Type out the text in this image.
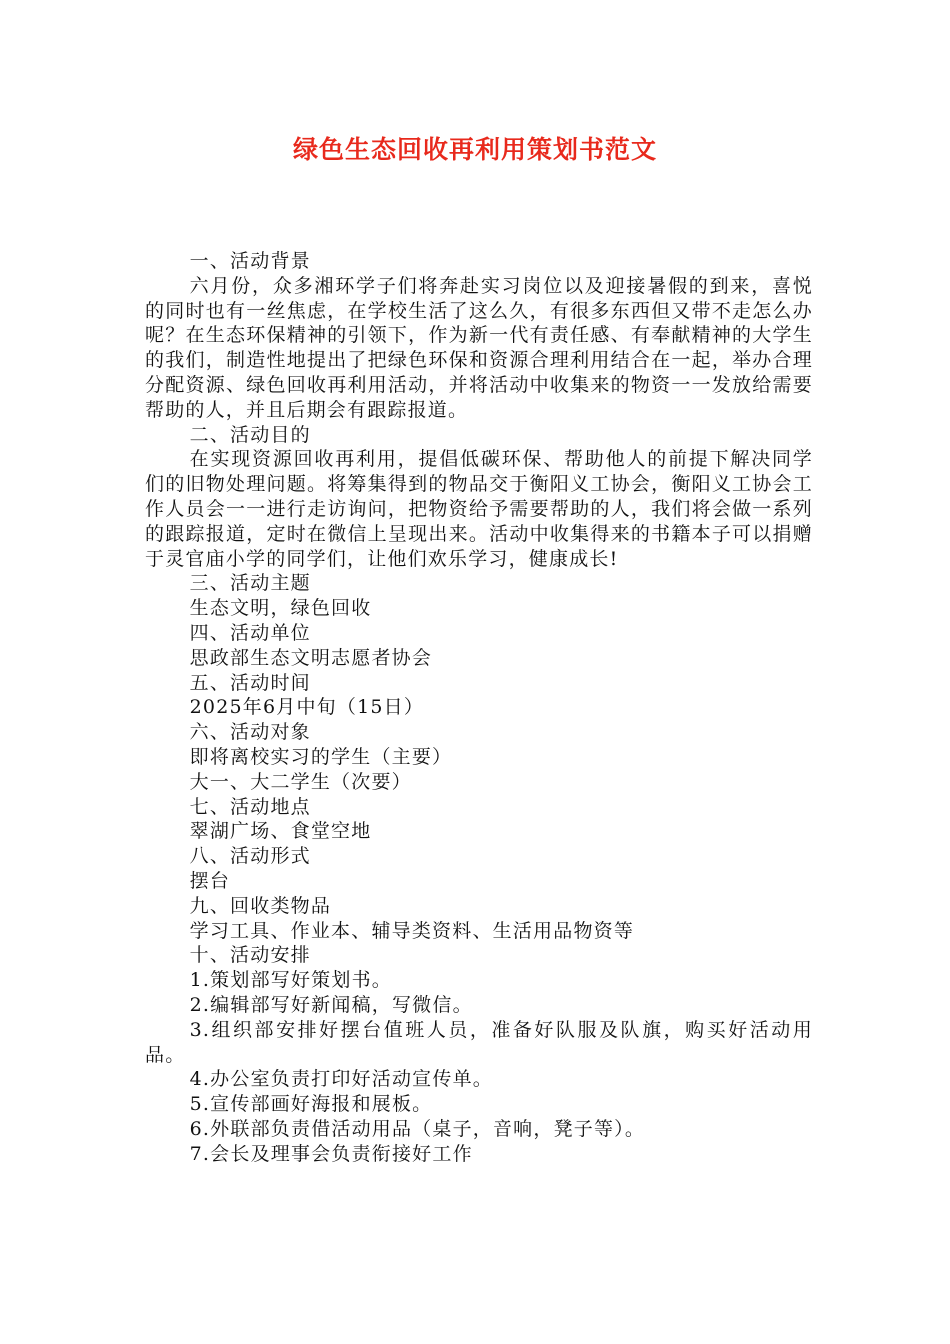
绿色生态回收再利用策划书范文

一、活动背景

六月份，众多湘环学子们将奔赴实习岗位以及迎接暑假的到来，喜悦的同时也有一丝焦虑，在学校生活了这么久，有很多东西但又带不走怎么办呢？在生态环保精神的引领下，作为新一代有责任感、有奉献精神的大学生的我们，制造性地提出了把绿色环保和资源合理利用结合在一起，举办合理分配资源、绿色回收再利用活动，并将活动中收集来的物资一一发放给需要帮助的人，并且后期会有跟踪报道。

二、活动目的

在实现资源回收再利用，提倡低碳环保、帮助他人的前提下解决同学们的旧物处理问题。将筹集得到的物品交于衡阳义工协会，衡阳义工协会工作人员会一一进行走访询问，把物资给予需要帮助的人，我们将会做一系列的跟踪报道，定时在微信上呈现出来。活动中收集得来的书籍本子可以捐赠于灵官庙小学的同学们，让他们欢乐学习，健康成长!

三、活动主题

生态文明，绿色回收

四、活动单位

思政部生态文明志愿者协会

五、活动时间

2025年6月中旬（15日）

六、活动对象

即将离校实习的学生（主要）

大一、大二学生（次要）

七、活动地点

翠湖广场、食堂空地

八、活动形式

摆台

九、回收类物品

学习工具、作业本、辅导类资料、生活用品物资等

十、活动安排

1.策划部写好策划书。

2.编辑部写好新闻稿，写微信。

3.组织部安排好摆台值班人员，准备好队服及队旗，购买好活动用品。

4.办公室负责打印好活动宣传单。

5.宣传部画好海报和展板。

6.外联部负责借活动用品（桌子，音响，凳子等）。

7.会长及理事会负责衔接好工作
